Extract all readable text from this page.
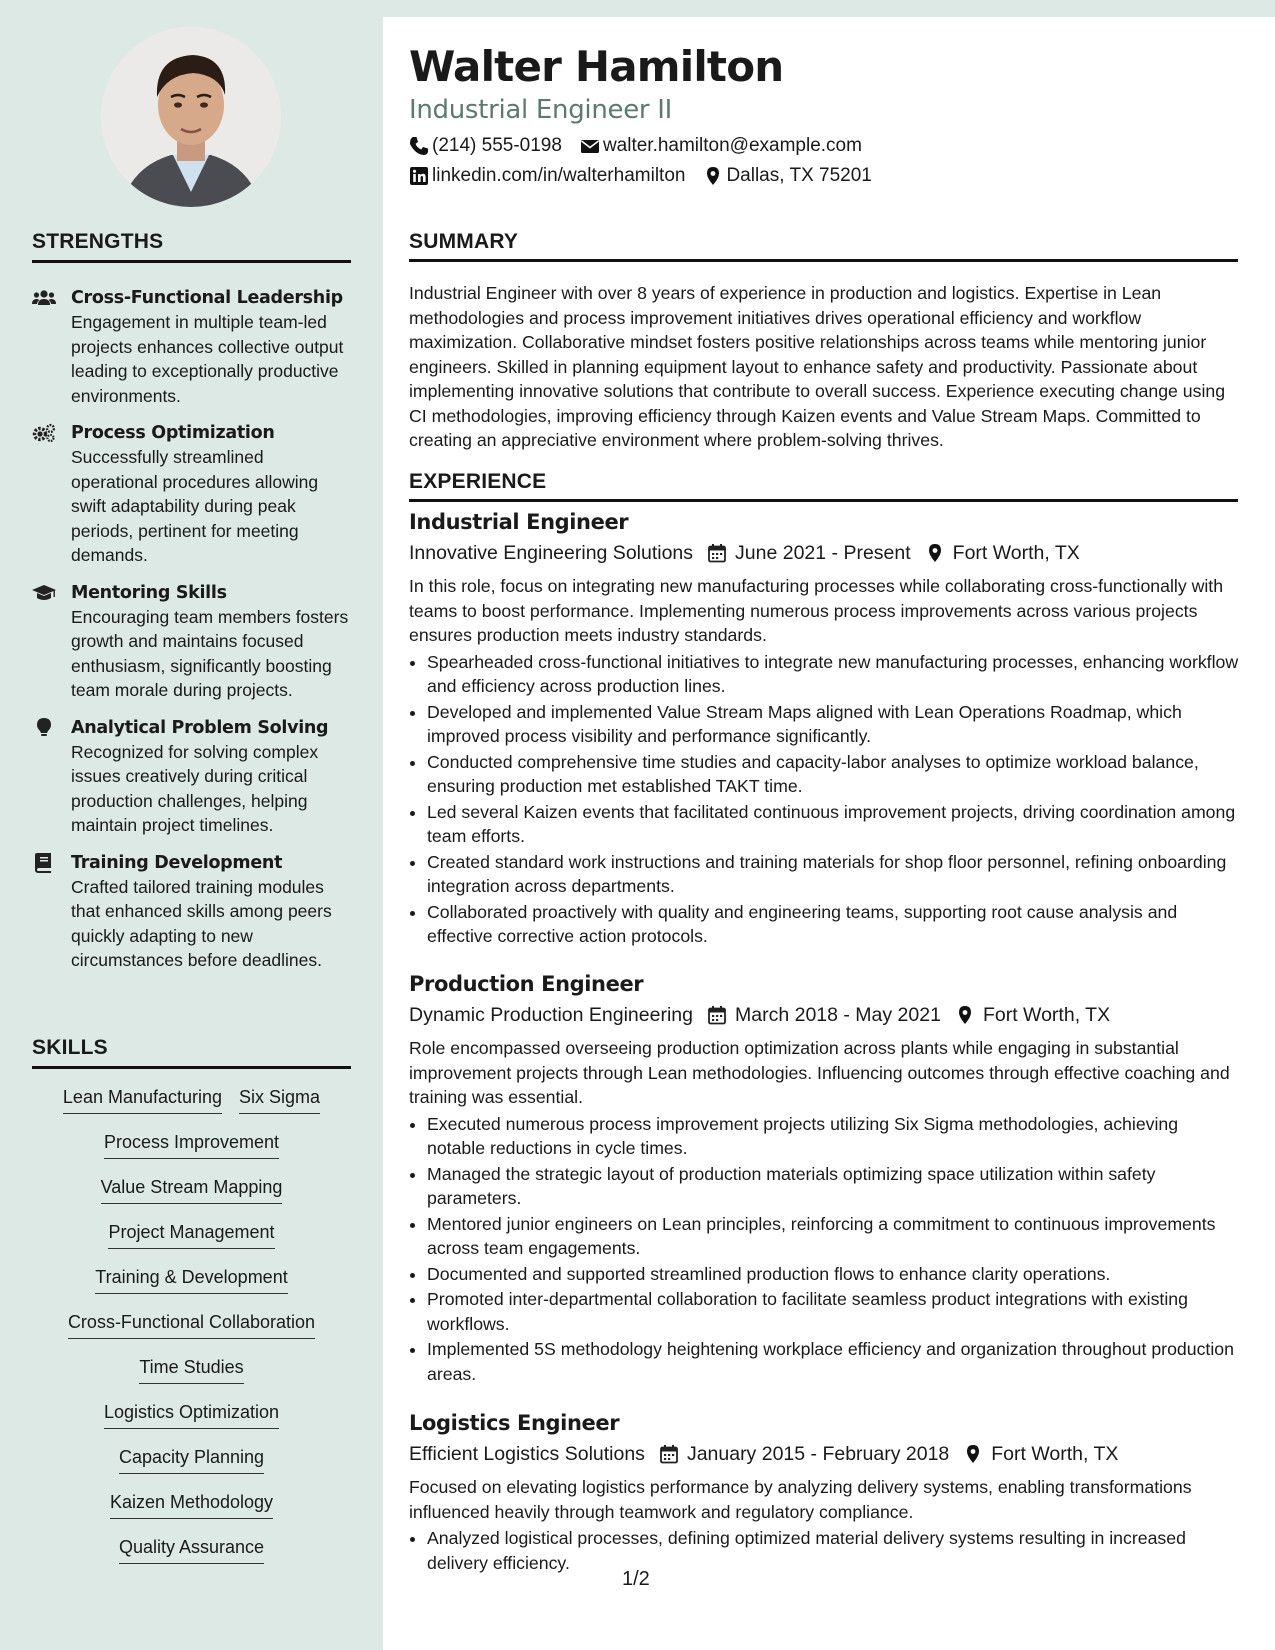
STRENGTHS
Cross-Functional Leadership
Engagement in multiple team-led projects enhances collective output leading to exceptionally productive environments.
Process Optimization
Successfully streamlined operational procedures allowing swift adaptability during peak periods, pertinent for meeting demands.
Mentoring Skills
Encouraging team members fosters growth and maintains focused enthusiasm, significantly boosting team morale during projects.
Analytical Problem Solving
Recognized for solving complex issues creatively during critical production challenges, helping maintain project timelines.
Training Development
Crafted tailored training modules that enhanced skills among peers quickly adapting to new circumstances before deadlines.
SKILLS
Lean Manufacturing Six Sigma
Process Improvement
Value Stream Mapping
Project Management
Training & Development
Cross-Functional Collaboration
Time Studies
Logistics Optimization
Capacity Planning
Kaizen Methodology
Quality Assurance
Walter Hamilton
Industrial Engineer II
(214) 555-0198 walter.hamilton@example.com
linkedin.com/in/walterhamilton Dallas, TX 75201
SUMMARY
Industrial Engineer with over 8 years of experience in production and logistics. Expertise in Lean methodologies and process improvement initiatives drives operational efficiency and workflow maximization. Collaborative mindset fosters positive relationships across teams while mentoring junior engineers. Skilled in planning equipment layout to enhance safety and productivity. Passionate about implementing innovative solutions that contribute to overall success. Experience executing change using CI methodologies, improving efficiency through Kaizen events and Value Stream Maps. Committed to creating an appreciative environment where problem-solving thrives.
EXPERIENCE
Industrial Engineer
Innovative Engineering Solutions June 2021 - Present Fort Worth, TX
In this role, focus on integrating new manufacturing processes while collaborating cross-functionally with teams to boost performance. Implementing numerous process improvements across various projects ensures production meets industry standards.
• Spearheaded cross-functional initiatives to integrate new manufacturing processes, enhancing workflow and efficiency across production lines.
• Developed and implemented Value Stream Maps aligned with Lean Operations Roadmap, which improved process visibility and performance significantly.
• Conducted comprehensive time studies and capacity-labor analyses to optimize workload balance, ensuring production met established TAKT time.
• Led several Kaizen events that facilitated continuous improvement projects, driving coordination among team efforts.
• Created standard work instructions and training materials for shop floor personnel, refining onboarding integration across departments.
• Collaborated proactively with quality and engineering teams, supporting root cause analysis and effective corrective action protocols.
Production Engineer
Dynamic Production Engineering March 2018 - May 2021 Fort Worth, TX
Role encompassed overseeing production optimization across plants while engaging in substantial improvement projects through Lean methodologies. Influencing outcomes through effective coaching and training was essential.
• Executed numerous process improvement projects utilizing Six Sigma methodologies, achieving notable reductions in cycle times.
• Managed the strategic layout of production materials optimizing space utilization within safety parameters.
• Mentored junior engineers on Lean principles, reinforcing a commitment to continuous improvements across team engagements.
• Documented and supported streamlined production flows to enhance clarity operations.
• Promoted inter-departmental collaboration to facilitate seamless product integrations with existing workflows.
• Implemented 5S methodology heightening workplace efficiency and organization throughout production areas.
Logistics Engineer
Efficient Logistics Solutions January 2015 - February 2018 Fort Worth, TX
Focused on elevating logistics performance by analyzing delivery systems, enabling transformations influenced heavily through teamwork and regulatory compliance.
• Analyzed logistical processes, defining optimized material delivery systems resulting in increased delivery efficiency.
1/2
